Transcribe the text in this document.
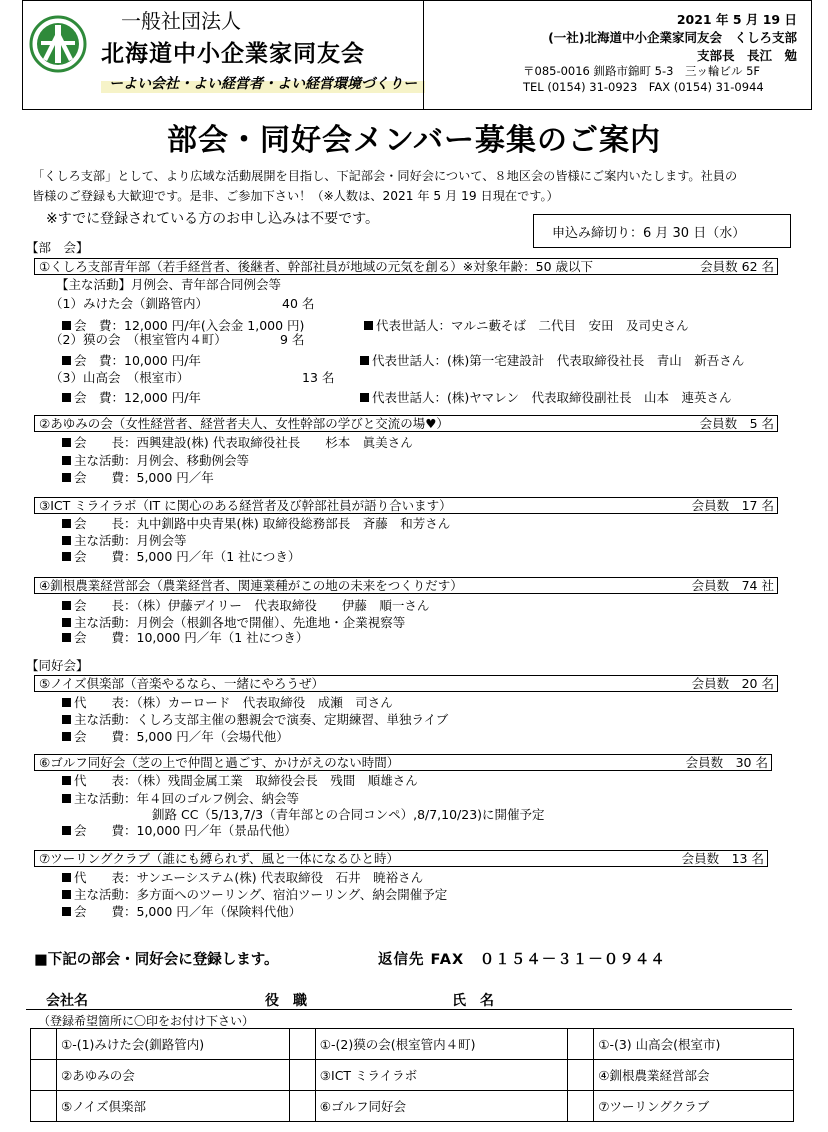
一般社団法人
北海道中小企業家同友会
ーよい会社・よい経営者・よい経営環境づくりー
2021 年 5 月 19 日
(一社)北海道中小企業家同友会　くしろ支部
支部長　長江　勉
〒085-0016 釧路市錦町 5-3　三ッ輪ビル 5F
TEL (0154) 31-0923　FAX (0154) 31-0944
部会・同好会メンバー募集のご案内
「くしろ支部」として、より広域な活動展開を目指し、下記部会・同好会について、８地区会の皆様にご案内いたします。社員の
皆様のご登録も大歓迎です。是非、ご参加下さい！（※人数は、2021 年 5 月 19 日現在です。）
※すでに登録されている方のお申し込みは不要です。
申込み締切り：6 月 30 日（水）
【部　会】
①くしろ支部青年部（若手経営者、後継者、幹部社員が地域の元気を創る）※対象年齢：50 歳以下	会員数 62 名
【主な活動】月例会、青年部合同例会等
（1）みけた会（釧路管内）	40 名
会　費：12,000 円/年(入会金 1,000 円)	代表世話人：マルニ藪そば　二代目　安田　及司史さん
（2）獏の会　（根室管内４町）	9 名
会　費：10,000 円/年	代表世話人：(株)第一宅建設計　代表取締役社長　青山　新吾さん
（3）山高会　（根室市）	13 名
会　費：12,000 円/年	代表世話人：(株)ヤマレン　代表取締役副社長　山本　連英さん
②あゆみの会（女性経営者、経営者夫人、女性幹部の学びと交流の場♥）	会員数　5 名
会　　長：西興建設(株) 代表取締役社長　　杉本　眞美さん
主な活動：月例会、移動例会等
会　　費：5,000 円／年
③ICT ミライラボ（IT に関心のある経営者及び幹部社員が語り合います）	会員数　17 名
会　　長：丸中釧路中央青果(株) 取締役総務部長　斉藤　和芳さん
主な活動：月例会等
会　　費：5,000 円／年（1 社につき）
④釧根農業経営部会（農業経営者、関連業種がこの地の未来をつくりだす）	会員数　74 社
会　　長：（株）伊藤デイリー　代表取締役　　伊藤　順一さん
主な活動：月例会（根釧各地で開催）、先進地・企業視察等
会　　費：10,000 円／年（1 社につき）
【同好会】
⑤ノイズ倶楽部（音楽やるなら、一緒にやろうぜ）	会員数　20 名
代　　表：（株）カーロード　代表取締役　成瀬　司さん
主な活動：くしろ支部主催の懇親会で演奏、定期練習、単独ライブ
会　　費：5,000 円／年（会場代他）
⑥ゴルフ同好会（芝の上で仲間と過ごす、かけがえのない時間）	会員数　30 名
代　　表：（株）残間金属工業　取締役会長　残間　順雄さん
主な活動：年４回のゴルフ例会、納会等
釧路 CC（5/13,7/3（青年部との合同コンペ）,8/7,10/23)に開催予定
会　　費：10,000 円／年（景品代他）
⑦ツーリングクラブ（誰にも縛られず、風と一体になるひと時）	会員数　13 名
代　　表：サンエーシステム(株) 代表取締役　石井　暁裕さん
主な活動：多方面へのツーリング、宿泊ツーリング、納会開催予定
会　　費：5,000 円／年（保険料代他）
■下記の部会・同好会に登録します。	返信先 FAX　０１５４－３１－０９４４
会社名	役　職	氏　名
（登録希望箇所に〇印をお付け下さい）
	①-(1)みけた会(釧路管内)		①-(2)獏の会(根室管内４町)		①-(3) 山高会(根室市)
	②あゆみの会		③ICT ミライラボ		④釧根農業経営部会
	⑤ノイズ倶楽部		⑥ゴルフ同好会		⑦ツーリングクラブ
